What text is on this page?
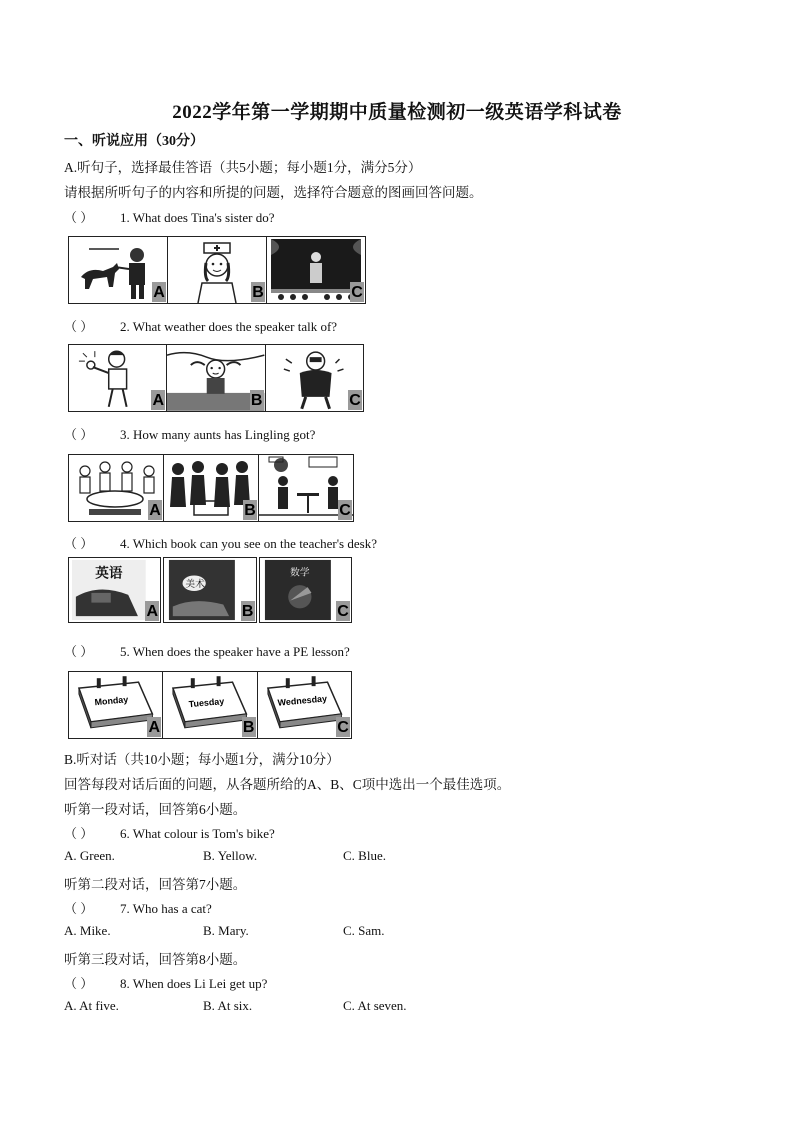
2022学年第一学期期中质量检测初一级英语学科试卷
一、听说应用（30分）
A.听句子，选择最佳答语（共5小题；每小题1分，满分5分）
请根据所听句子的内容和所提的问题，选择符合题意的图画回答问题。
（ ） 1. What does Tina's sister do?
A	B	C
（ ） 2. What weather does the speaker talk of?
A	B	C
（ ） 3. How many aunts has Lingling got?
A	B	C
（ ） 4. Which book can you see on the teacher's desk?
英语
A
美术
B
数学
C
（ ） 5. When does the speaker have a PE lesson?
Monday
A
Tuesday
B
Wednesday
C
B.听对话（共10小题；每小题1分，满分10分）
回答每段对话后面的问题，从各题所给的A、B、C项中选出一个最佳选项。
听第一段对话，回答第6小题。
（ ） 6. What colour is Tom's bike?
A. Green.	B. Yellow.	C. Blue.
听第二段对话，回答第7小题。
（ ） 7. Who has a cat?
A. Mike.	B. Mary.	C. Sam.
听第三段对话，回答第8小题。
（ ） 8. When does Li Lei get up?
A. At five.	B. At six.	C. At seven.
